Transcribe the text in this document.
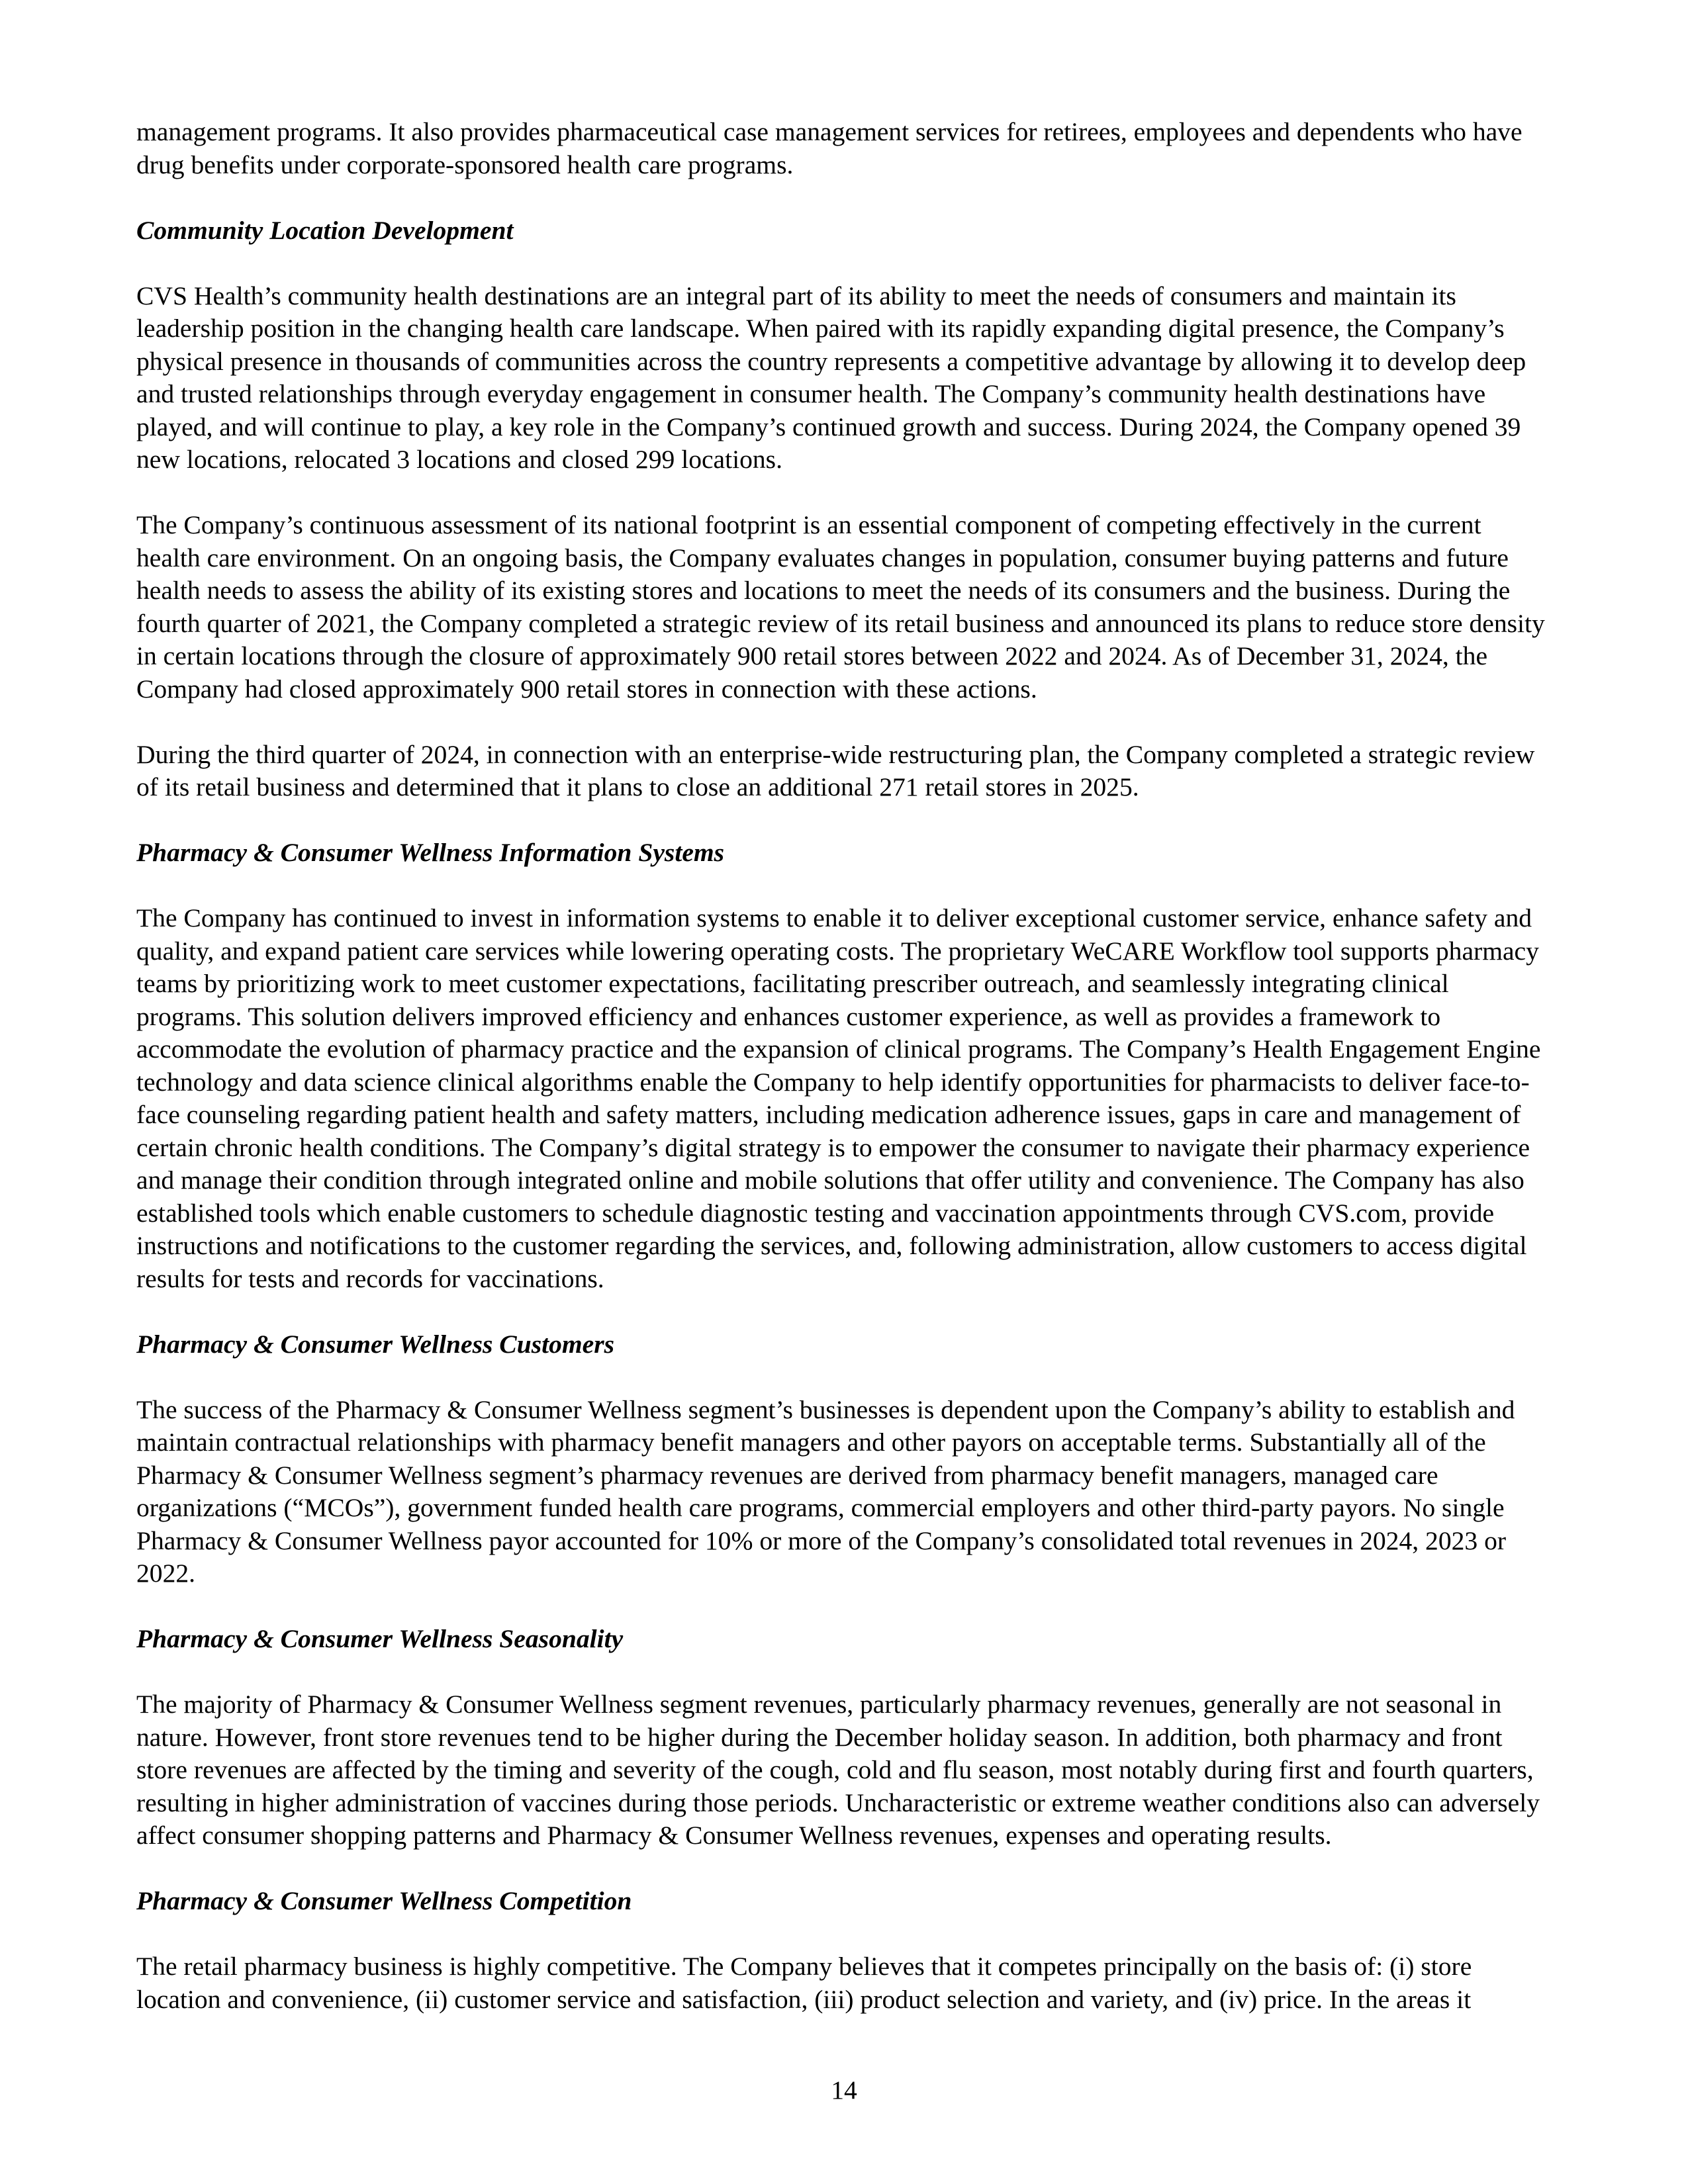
management programs. It also provides pharmaceutical case management services for retirees, employees and dependents who have drug benefits under corporate-sponsored health care programs.

Community Location Development

CVS Health’s community health destinations are an integral part of its ability to meet the needs of consumers and maintain its leadership position in the changing health care landscape. When paired with its rapidly expanding digital presence, the Company’s physical presence in thousands of communities across the country represents a competitive advantage by allowing it to develop deep and trusted relationships through everyday engagement in consumer health. The Company’s community health destinations have played, and will continue to play, a key role in the Company’s continued growth and success. During 2024, the Company opened 39 new locations, relocated 3 locations and closed 299 locations.

The Company’s continuous assessment of its national footprint is an essential component of competing effectively in the current health care environment. On an ongoing basis, the Company evaluates changes in population, consumer buying patterns and future health needs to assess the ability of its existing stores and locations to meet the needs of its consumers and the business. During the fourth quarter of 2021, the Company completed a strategic review of its retail business and announced its plans to reduce store density in certain locations through the closure of approximately 900 retail stores between 2022 and 2024. As of December 31, 2024, the Company had closed approximately 900 retail stores in connection with these actions.

During the third quarter of 2024, in connection with an enterprise-wide restructuring plan, the Company completed a strategic review of its retail business and determined that it plans to close an additional 271 retail stores in 2025.

Pharmacy & Consumer Wellness Information Systems

The Company has continued to invest in information systems to enable it to deliver exceptional customer service, enhance safety and quality, and expand patient care services while lowering operating costs. The proprietary WeCARE Workflow tool supports pharmacy teams by prioritizing work to meet customer expectations, facilitating prescriber outreach, and seamlessly integrating clinical programs. This solution delivers improved efficiency and enhances customer experience, as well as provides a framework to accommodate the evolution of pharmacy practice and the expansion of clinical programs. The Company’s Health Engagement Engine technology and data science clinical algorithms enable the Company to help identify opportunities for pharmacists to deliver face-to-face counseling regarding patient health and safety matters, including medication adherence issues, gaps in care and management of certain chronic health conditions. The Company’s digital strategy is to empower the consumer to navigate their pharmacy experience and manage their condition through integrated online and mobile solutions that offer utility and convenience. The Company has also established tools which enable customers to schedule diagnostic testing and vaccination appointments through CVS.com, provide instructions and notifications to the customer regarding the services, and, following administration, allow customers to access digital results for tests and records for vaccinations.

Pharmacy & Consumer Wellness Customers

The success of the Pharmacy & Consumer Wellness segment’s businesses is dependent upon the Company’s ability to establish and maintain contractual relationships with pharmacy benefit managers and other payors on acceptable terms. Substantially all of the Pharmacy & Consumer Wellness segment’s pharmacy revenues are derived from pharmacy benefit managers, managed care organizations (“MCOs”), government funded health care programs, commercial employers and other third-party payors. No single Pharmacy & Consumer Wellness payor accounted for 10% or more of the Company’s consolidated total revenues in 2024, 2023 or 2022.

Pharmacy & Consumer Wellness Seasonality

The majority of Pharmacy & Consumer Wellness segment revenues, particularly pharmacy revenues, generally are not seasonal in nature. However, front store revenues tend to be higher during the December holiday season. In addition, both pharmacy and front store revenues are affected by the timing and severity of the cough, cold and flu season, most notably during first and fourth quarters, resulting in higher administration of vaccines during those periods. Uncharacteristic or extreme weather conditions also can adversely affect consumer shopping patterns and Pharmacy & Consumer Wellness revenues, expenses and operating results.

Pharmacy & Consumer Wellness Competition

The retail pharmacy business is highly competitive. The Company believes that it competes principally on the basis of: (i) store location and convenience, (ii) customer service and satisfaction, (iii) product selection and variety, and (iv) price. In the areas it

14
